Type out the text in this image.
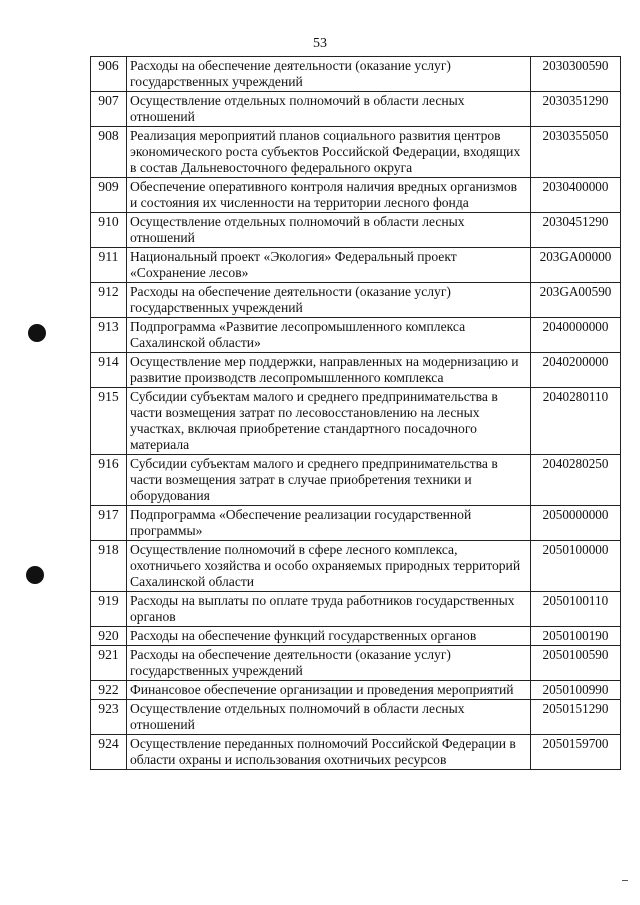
53
906	Расходы на обеспечение деятельности (оказание услуг) государственных учреждений	2030300590
907	Осуществление отдельных полномочий в области лесных отношений	2030351290
908	Реализация мероприятий планов социального развития центров экономического роста субъектов Российской Федерации, входящих в состав Дальневосточного федерального округа	2030355050
909	Обеспечение оперативного контроля наличия вредных организмов и состояния их численности на территории лесного фонда	2030400000
910	Осуществление отдельных полномочий в области лесных отношений	2030451290
911	Национальный проект «Экология» Федеральный проект «Сохранение лесов»	203GA00000
912	Расходы на обеспечение деятельности (оказание услуг) государственных учреждений	203GA00590
913	Подпрограмма «Развитие лесопромышленного комплекса Сахалинской области»	2040000000
914	Осуществление мер поддержки, направленных на модернизацию и развитие производств лесопромышленного комплекса	2040200000
915	Субсидии субъектам малого и среднего предпринимательства в части возмещения затрат по лесовосстановлению на лесных участках, включая приобретение стандартного посадочного материала	2040280110
916	Субсидии субъектам малого и среднего предпринимательства в части возмещения затрат в случае приобретения техники и оборудования	2040280250
917	Подпрограмма «Обеспечение реализации государственной программы»	2050000000
918	Осуществление полномочий в сфере лесного комплекса, охотничьего хозяйства и особо охраняемых природных территорий Сахалинской области	2050100000
919	Расходы на выплаты по оплате труда работников государственных органов	2050100110
920	Расходы на обеспечение функций государственных органов	2050100190
921	Расходы на обеспечение деятельности (оказание услуг) государственных учреждений	2050100590
922	Финансовое обеспечение организации и проведения мероприятий	2050100990
923	Осуществление отдельных полномочий в области лесных отношений	2050151290
924	Осуществление переданных полномочий Российской Федерации в области охраны и использования охотничьих ресурсов	2050159700
